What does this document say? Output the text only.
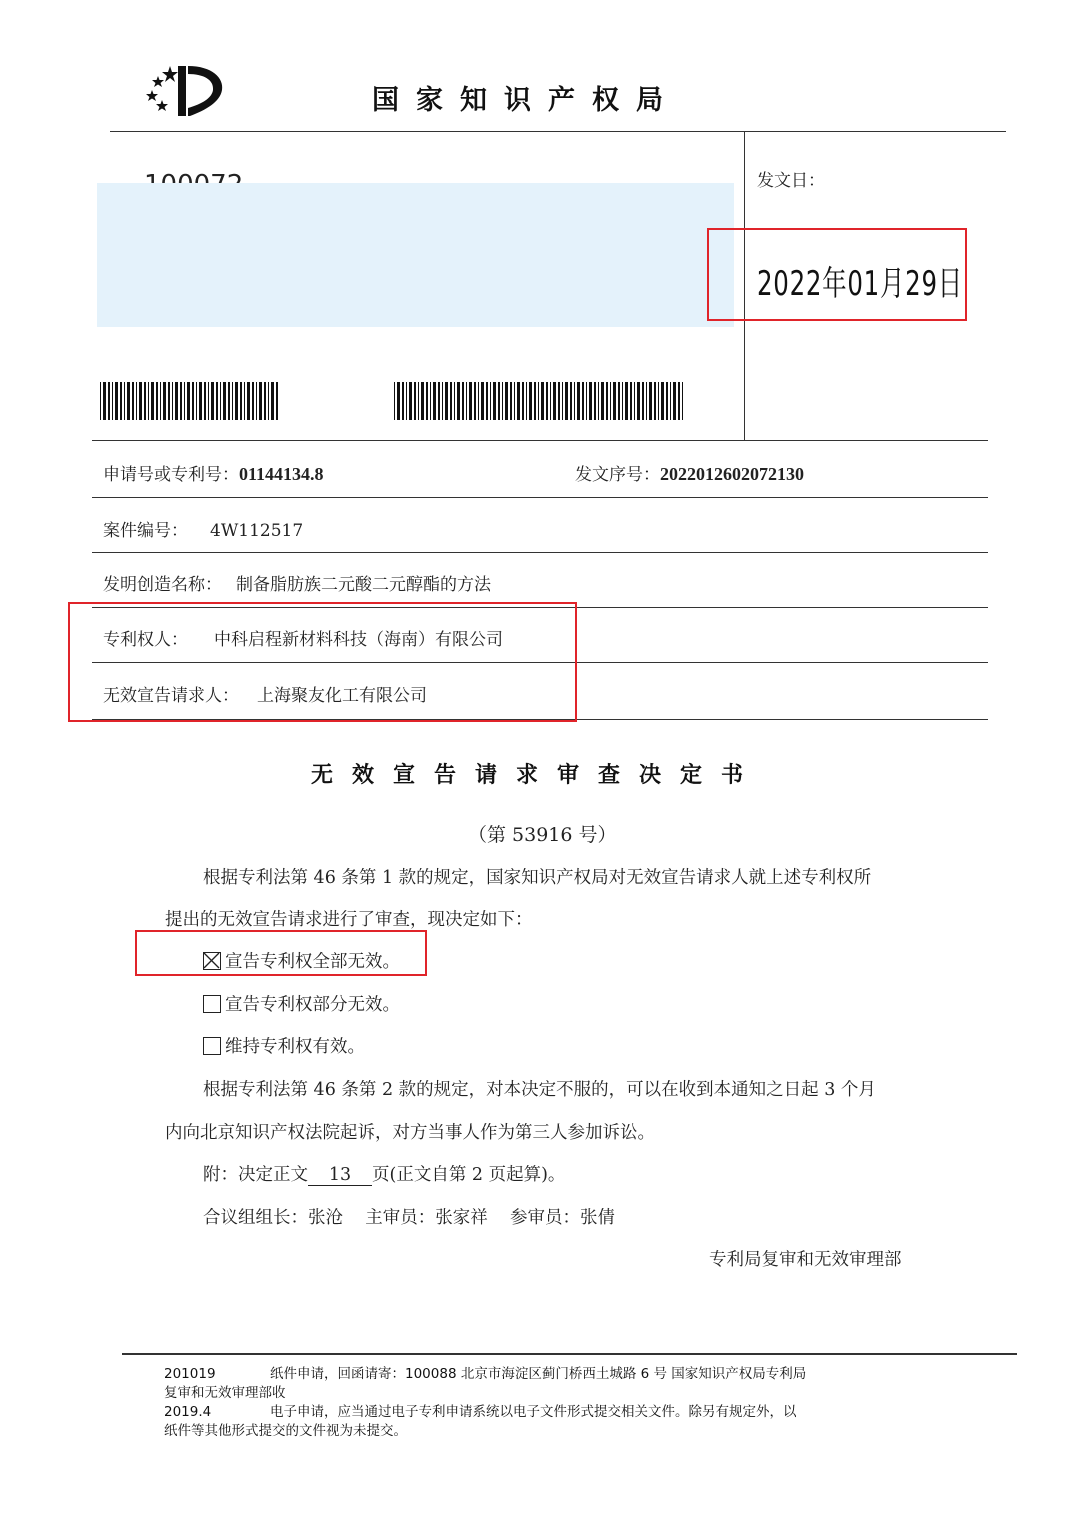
国家知识产权局
发文日：
2022年01月29日
申请号或专利号：01144134.8	发文序号：2022012602072130
案件编号： 4W112517
发明创造名称： 制备脂肪族二元酸二元醇酯的方法
专利权人： 中科启程新材料科技（海南）有限公司
无效宣告请求人： 上海聚友化工有限公司
无效宣告请求审查决定书
（第 53916 号）
根据专利法第 46 条第 1 款的规定，国家知识产权局对无效宣告请求人就上述专利权所
提出的无效宣告请求进行了审查，现决定如下：
宣告专利权全部无效。
宣告专利权部分无效。
维持专利权有效。
根据专利法第 46 条第 2 款的规定，对本决定不服的，可以在收到本通知之日起 3 个月
内向北京知识产权法院起诉，对方当事人作为第三人参加诉讼。
附：决定正文 13 页(正文自第 2 页起算)。
合议组组长：张沧    主审员：张家祥    参审员：张倩
专利局复审和无效审理部
201019	纸件申请，回函请寄：100088 北京市海淀区蓟门桥西土城路 6 号 国家知识产权局专利局
复审和无效审理部收
2019.4	电子申请，应当通过电子专利申请系统以电子文件形式提交相关文件。除另有规定外，以
纸件等其他形式提交的文件视为未提交。
